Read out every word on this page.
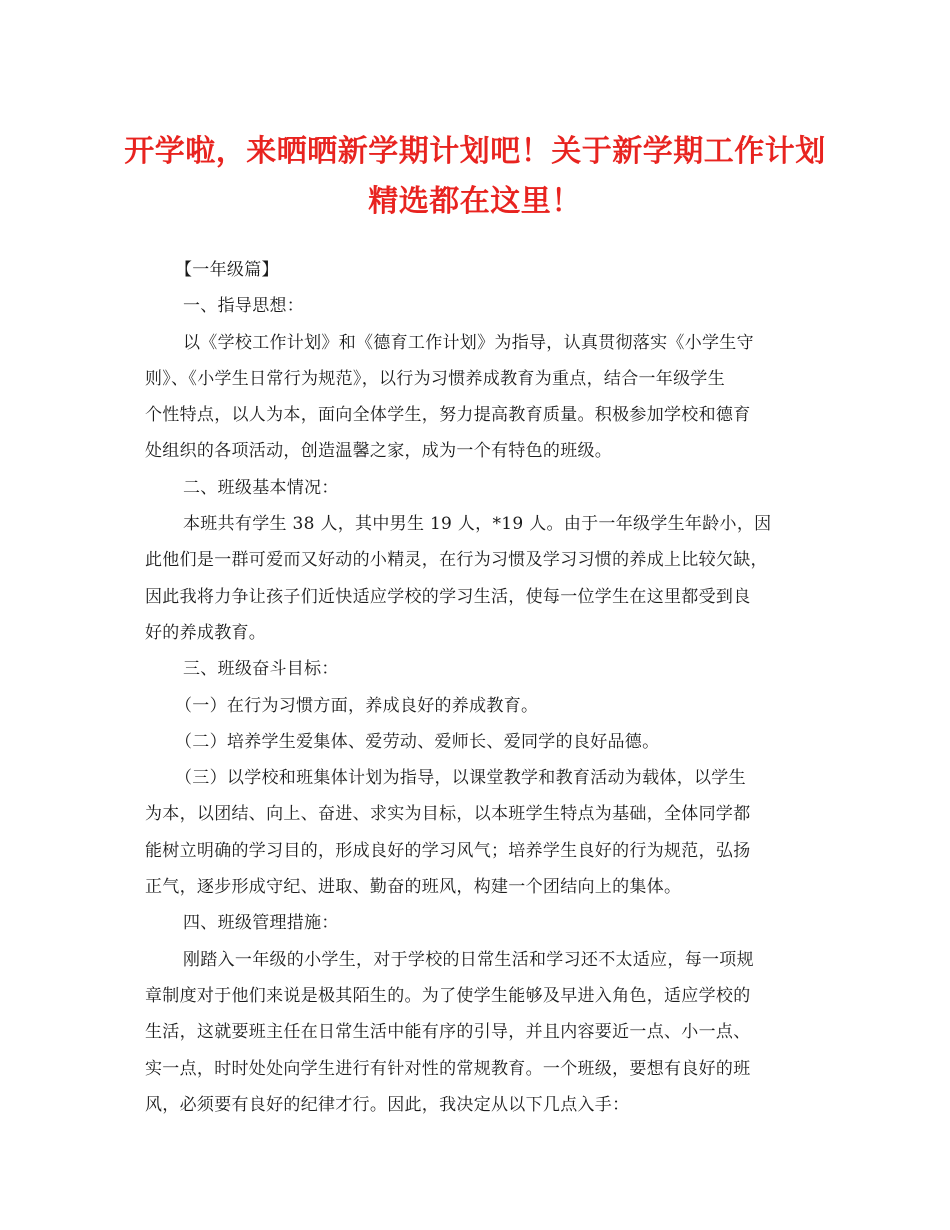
开学啦，来晒晒新学期计划吧！关于新学期工作计划
精选都在这里！

【一年级篇】

一、指导思想：

以《学校工作计划》和《德育工作计划》为指导，认真贯彻落实《小学生守

则》、《小学生日常行为规范》，以行为习惯养成教育为重点，结合一年级学生

个性特点，以人为本，面向全体学生，努力提高教育质量。积极参加学校和德育

处组织的各项活动，创造温馨之家，成为一个有特色的班级。

二、班级基本情况：

本班共有学生 38 人，其中男生 19 人，*19 人。由于一年级学生年龄小，因

此他们是一群可爱而又好动的小精灵，在行为习惯及学习习惯的养成上比较欠缺，

因此我将力争让孩子们近快适应学校的学习生活，使每一位学生在这里都受到良

好的养成教育。

三、班级奋斗目标：

（一）在行为习惯方面，养成良好的养成教育。

（二）培养学生爱集体、爱劳动、爱师长、爱同学的良好品德。

（三）以学校和班集体计划为指导，以课堂教学和教育活动为载体，以学生

为本，以团结、向上、奋进、求实为目标，以本班学生特点为基础，全体同学都

能树立明确的学习目的，形成良好的学习风气；培养学生良好的行为规范，弘扬

正气，逐步形成守纪、进取、勤奋的班风，构建一个团结向上的集体。

四、班级管理措施：

刚踏入一年级的小学生，对于学校的日常生活和学习还不太适应，每一项规

章制度对于他们来说是极其陌生的。为了使学生能够及早进入角色，适应学校的

生活，这就要班主任在日常生活中能有序的引导，并且内容要近一点、小一点、

实一点，时时处处向学生进行有针对性的常规教育。一个班级，要想有良好的班

风，必须要有良好的纪律才行。因此，我决定从以下几点入手：
